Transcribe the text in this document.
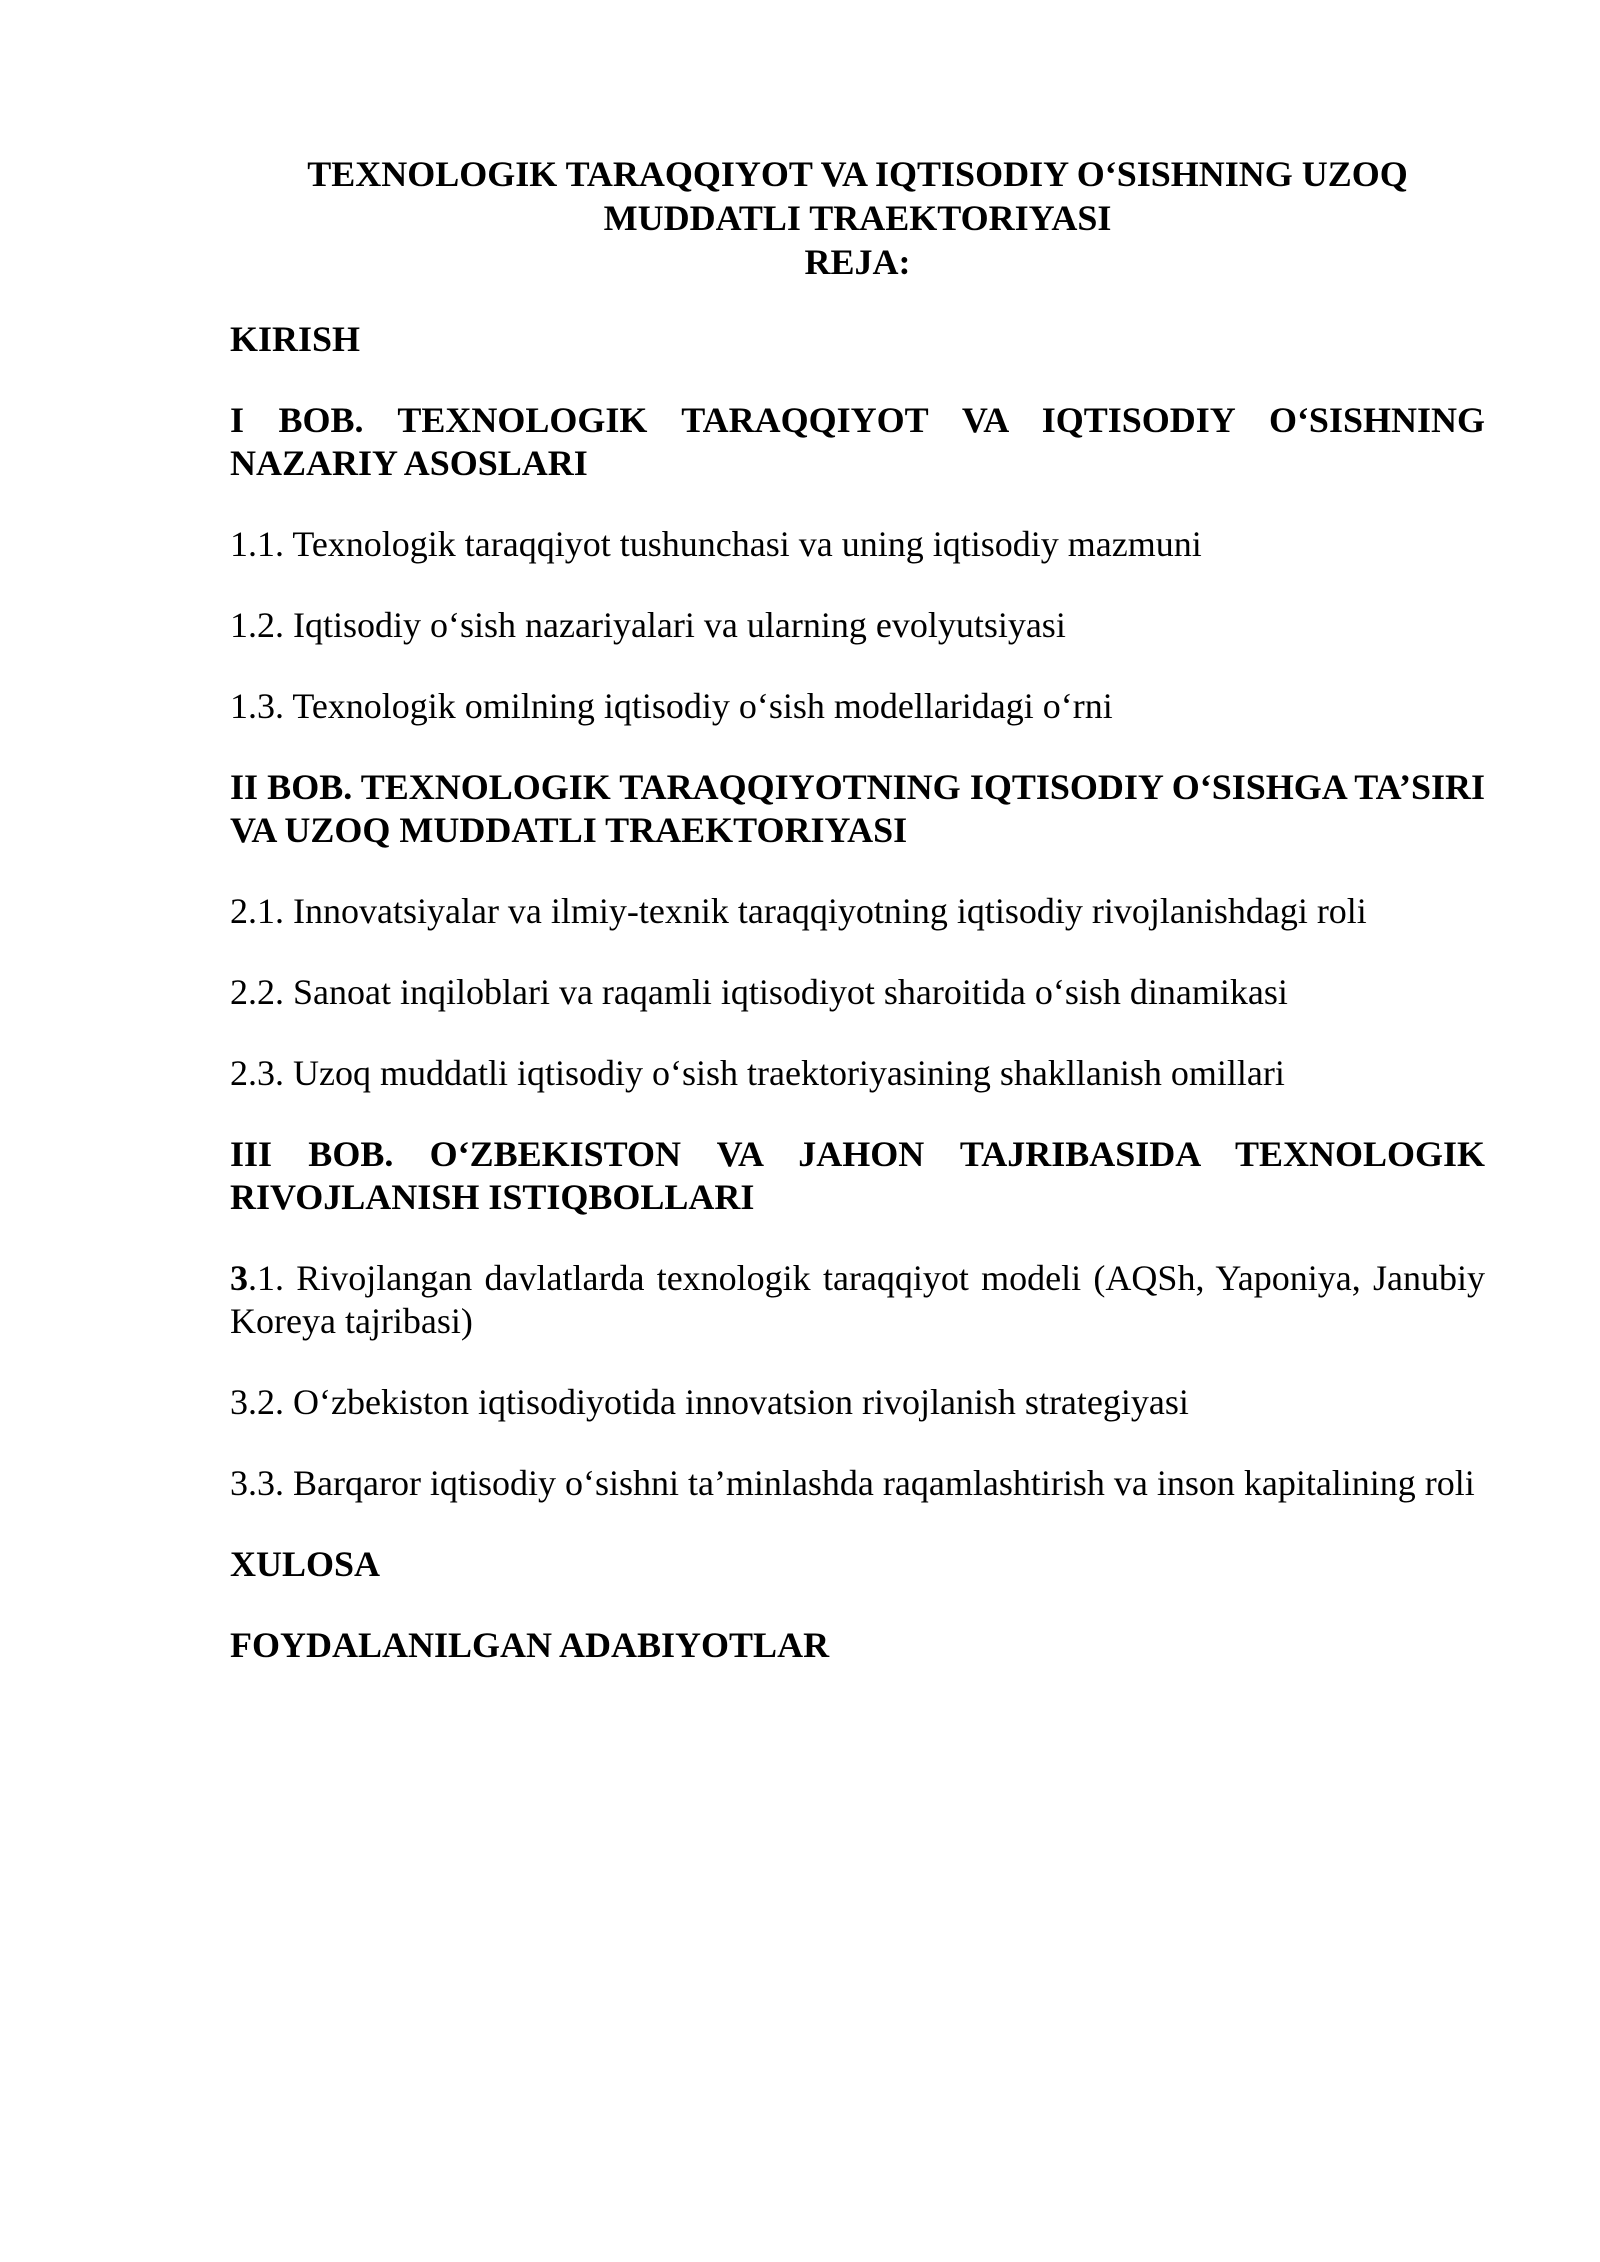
TEXNOLOGIK TARAQQIYOT VA IQTISODIY O‘SISHNING UZOQ
MUDDATLI TRAEKTORIYASI
REJA:

KIRISH

I BOB. TEXNOLOGIK TARAQQIYOT VA IQTISODIY O‘SISHNING NAZARIY ASOSLARI

1.1. Texnologik taraqqiyot tushunchasi va uning iqtisodiy mazmuni

1.2. Iqtisodiy o‘sish nazariyalari va ularning evolyutsiyasi

1.3. Texnologik omilning iqtisodiy o‘sish modellaridagi o‘rni

II BOB. TEXNOLOGIK TARAQQIYOTNING IQTISODIY O‘SISHGA TA’SIRI VA UZOQ MUDDATLI TRAEKTORIYASI

2.1. Innovatsiyalar va ilmiy-texnik taraqqiyotning iqtisodiy rivojlanishdagi roli

2.2. Sanoat inqiloblari va raqamli iqtisodiyot sharoitida o‘sish dinamikasi

2.3. Uzoq muddatli iqtisodiy o‘sish traektoriyasining shakllanish omillari

III BOB. O‘ZBEKISTON VA JAHON TAJRIBASIDA TEXNOLOGIK RIVOJLANISH ISTIQBOLLARI

3.1. Rivojlangan davlatlarda texnologik taraqqiyot modeli (AQSh, Yaponiya, Janubiy Koreya tajribasi)

3.2. O‘zbekiston iqtisodiyotida innovatsion rivojlanish strategiyasi

3.3. Barqaror iqtisodiy o‘sishni ta’minlashda raqamlashtirish va inson kapitalining roli

XULOSA

FOYDALANILGAN ADABIYOTLAR
